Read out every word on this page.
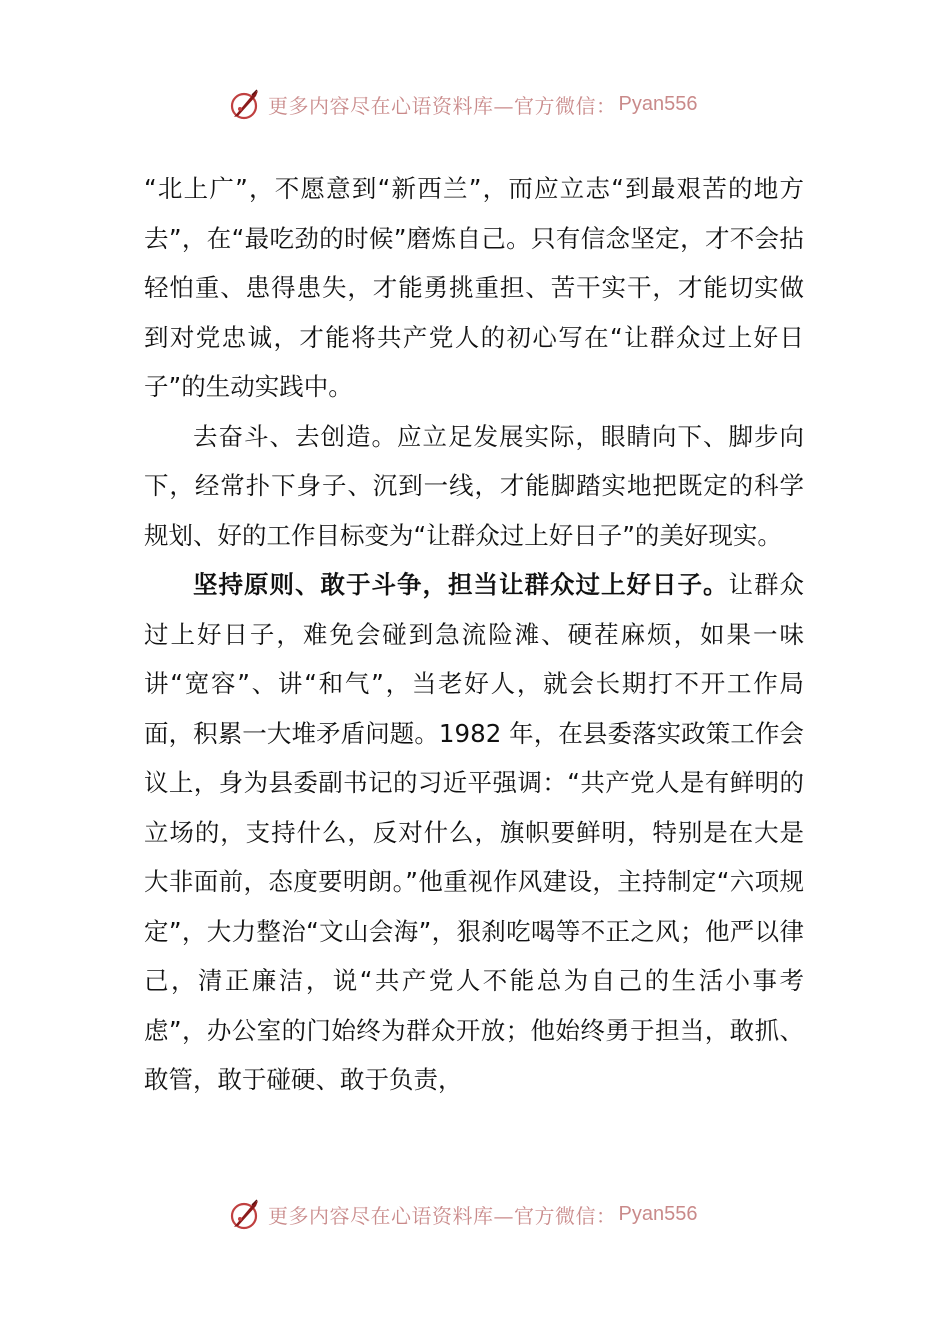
更多内容尽在心语资料库—官方微信： Pyan556

“北上广”，不愿意到“新西兰”，而应立志“到最艰苦的地方去”，在“最吃劲的时候”磨炼自己。只有信念坚定，才不会拈轻怕重、患得患失，才能勇挑重担、苦干实干，才能切实做到对党忠诚，才能将共产党人的初心写在“让群众过上好日子”的生动实践中。

去奋斗、去创造。应立足发展实际，眼睛向下、脚步向下，经常扑下身子、沉到一线，才能脚踏实地把既定的科学规划、好的工作目标变为“让群众过上好日子”的美好现实。

坚持原则、敢于斗争，担当让群众过上好日子。让群众过上好日子，难免会碰到急流险滩、硬茬麻烦，如果一味讲“宽容”、讲“和气”，当老好人，就会长期打不开工作局面，积累一大堆矛盾问题。1982 年，在县委落实政策工作会议上，身为县委副书记的习近平强调：“共产党人是有鲜明的立场的，支持什么，反对什么，旗帜要鲜明，特别是在大是大非面前，态度要明朗。”他重视作风建设，主持制定“六项规定”，大力整治“文山会海”，狠刹吃喝等不正之风；他严以律己，清正廉洁，说“共产党人不能总为自己的生活小事考虑”，办公室的门始终为群众开放；他始终勇于担当，敢抓、敢管，敢于碰硬、敢于负责，

更多内容尽在心语资料库—官方微信： Pyan556
